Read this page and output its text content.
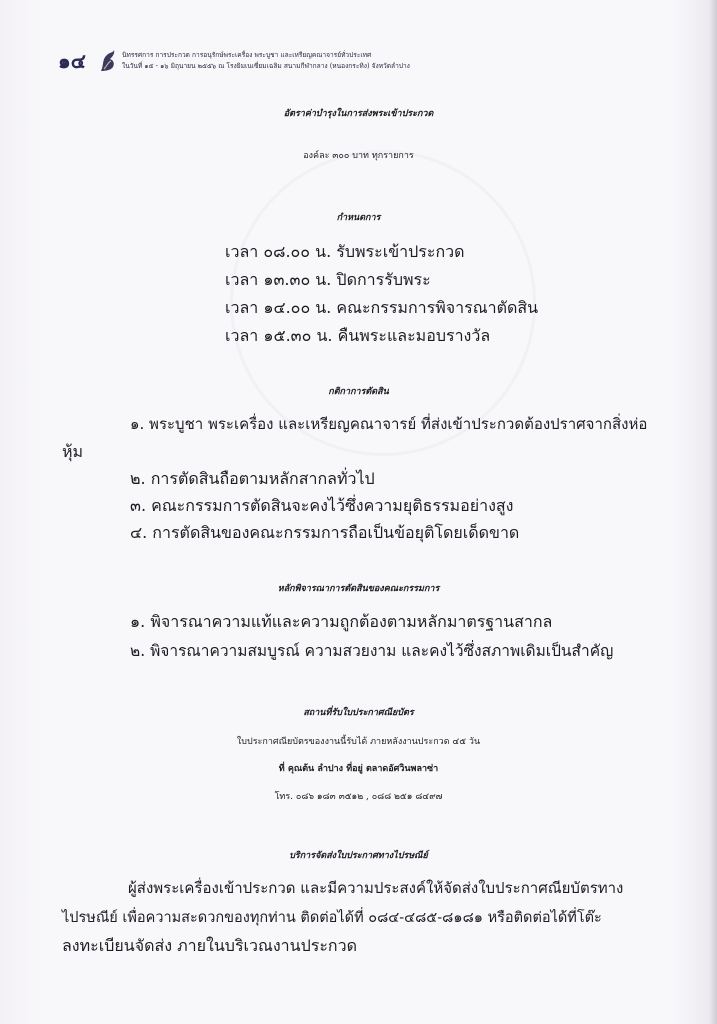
๑๔	นิทรรศการ การประกวด การอนุรักษ์พระเครื่อง พระบูชา และเหรียญคณาจารย์ทั่วประเทศ
ในวันที่ ๑๕ - ๑๖ มิถุนายน ๒๕๕๖ ณ โรงยิมเนเซี่ยมเฉลิม สนามกีฬากลาง (หนองกระทิง) จังหวัดลำปาง
อัตราค่าบำรุงในการส่งพระเข้าประกวด
องค์ละ ๓๐๐ บาท ทุกรายการ
กำหนดการ
เวลา ๐๘.๐๐ น. รับพระเข้าประกวด
เวลา ๑๓.๓๐ น. ปิดการรับพระ
เวลา ๑๔.๐๐ น. คณะกรรมการพิจารณาตัดสิน
เวลา ๑๕.๓๐ น. คืนพระและมอบรางวัล
กติกาการตัดสิน
๑. พระบูชา พระเครื่อง และเหรียญคณาจารย์ ที่ส่งเข้าประกวดต้องปราศจากสิ่งห่อ
หุ้ม
๒. การตัดสินถือตามหลักสากลทั่วไป
๓. คณะกรรมการตัดสินจะคงไว้ซึ่งความยุติธรรมอย่างสูง
๔. การตัดสินของคณะกรรมการถือเป็นข้อยุติโดยเด็ดขาด
หลักพิจารณาการตัดสินของคณะกรรมการ
๑. พิจารณาความแท้และความถูกต้องตามหลักมาตรฐานสากล
๒. พิจารณาความสมบูรณ์ ความสวยงาม และคงไว้ซึ่งสภาพเดิมเป็นสำคัญ
สถานที่รับใบประกาศณียบัตร
ใบประกาศณียบัตรของงานนี้รับได้ ภายหลังงานประกวด ๔๕ วัน
ที่ คุณต้น ลำปาง ที่อยู่ ตลาดอัศวินพลาซ่า
โทร. ๐๘๖ ๑๘๓ ๓๕๑๒ , ๐๘๘ ๒๕๑ ๘๔๙๗
บริการจัดส่งใบประกาศทางไปรษณีย์
ผู้ส่งพระเครื่องเข้าประกวด และมีความประสงค์ให้จัดส่งใบประกาศณียบัตรทาง
ไปรษณีย์ เพื่อความสะดวกของทุกท่าน ติดต่อได้ที่ ๐๘๔-๔๘๕-๘๑๘๑ หรือติดต่อได้ที่โต๊ะ
ลงทะเบียนจัดส่ง ภายในบริเวณงานประกวด
